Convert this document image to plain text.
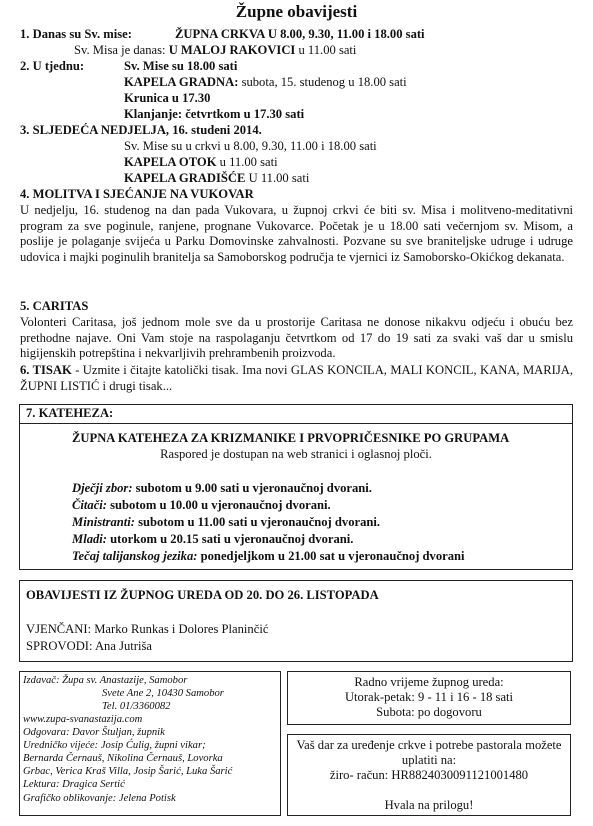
Župne obavijesti
1. Danas su Sv. mise:	ŽUPNA CRKVA U 8.00, 9.30, 11.00 i 18.00 sati
Sv. Misa je danas: U MALOJ RAKOVICI u 11.00 sati
2. U tjednu:	Sv. Mise su 18.00 sati
KAPELA GRADNA: subota, 15. studenog u 18.00 sati
Krunica u 17.30
Klanjanje: četvrtkom u 17.30 sati
3. SLJEDEĆA NEDJELJA, 16. studeni 2014.
Sv. Mise su u crkvi u 8.00, 9.30, 11.00 i 18.00 sati
KAPELA OTOK u 11.00 sati
KAPELA GRADIŠĆE U 11.00 sati
4. MOLITVA I SJEĆANJE NA VUKOVAR
U nedjelju, 16. studenog na dan pada Vukovara, u župnoj crkvi će biti sv. Misa i molitveno-meditativni program za sve poginule, ranjene, prognane Vukovarce. Početak je u 18.00 sati večernjom sv. Misom, a poslije je polaganje svijeća u Parku Domovinske zahvalnosti. Pozvane su sve braniteljske udruge i udruge udovica i majki poginulih branitelja sa Samoborskog područja te vjernici iz Samoborsko-Okićkog dekanata.
5. CARITAS
Volonteri Caritasa, još jednom mole sve da u prostorije Caritasa ne donose nikakvu odjeću i obuću bez prethodne najave. Oni Vam stoje na raspolaganju četvrtkom od 17 do 19 sati za svaki vaš dar u smislu higijenskih potrepština i nekvarljivih prehrambenih proizvoda.
6. TISAK - Uzmite i čitajte katolički tisak. Ima novi GLAS KONCILA, MALI KONCIL, KANA, MARIJA, ŽUPNI LISTIĆ i drugi tisak...
7. KATEHEZA:
ŽUPNA KATEHEZA ZA KRIZMANIKE I PRVOPRIČESNIKE PO GRUPAMA
Raspored je dostupan na web stranici i oglasnoj ploči.
Dječji zbor: subotom u 9.00 sati u vjeronaučnoj dvorani.
Čitači: subotom u 10.00 u vjeronaučnoj dvorani.
Ministranti: subotom u 11.00 sati u vjeronaučnoj dvorani.
Mladi: utorkom u 20.15 sati u vjeronaučnoj dvorani.
Tečaj talijanskog jezika: ponedjeljkom u 21.00 sat u vjeronaučnoj dvorani
OBAVIJESTI IZ ŽUPNOG UREDA OD 20. DO 26. LISTOPADA
VJENČANI: Marko Runkas i Dolores Planinčić
SPROVODI: Ana Jutriša
Izdavač: Župa sv. Anastazije, Samobor
Svete Ane 2, 10430 Samobor
Tel. 01/3360082
www.zupa-svanastazija.com
Odgovara: Davor Štuljan, župnik
Uredničko vijeće: Josip Ćulig, župni vikar;
Bernarda Černauš, Nikolina Černauš, Lovorka
Grbac, Verica Kraš Villa, Josip Šarić, Luka Šarić
Lektura: Dragica Sertić
Grafičko oblikovanje: Jelena Potisk
Radno vrijeme župnog ureda:
Utorak-petak: 9 - 11 i 16 - 18 sati
Subota: po dogovoru
Vaš dar za uređenje crkve i potrebe pastorala možete
uplatiti na:
žiro- račun: HR8824030091121001480
Hvala na prilogu!
